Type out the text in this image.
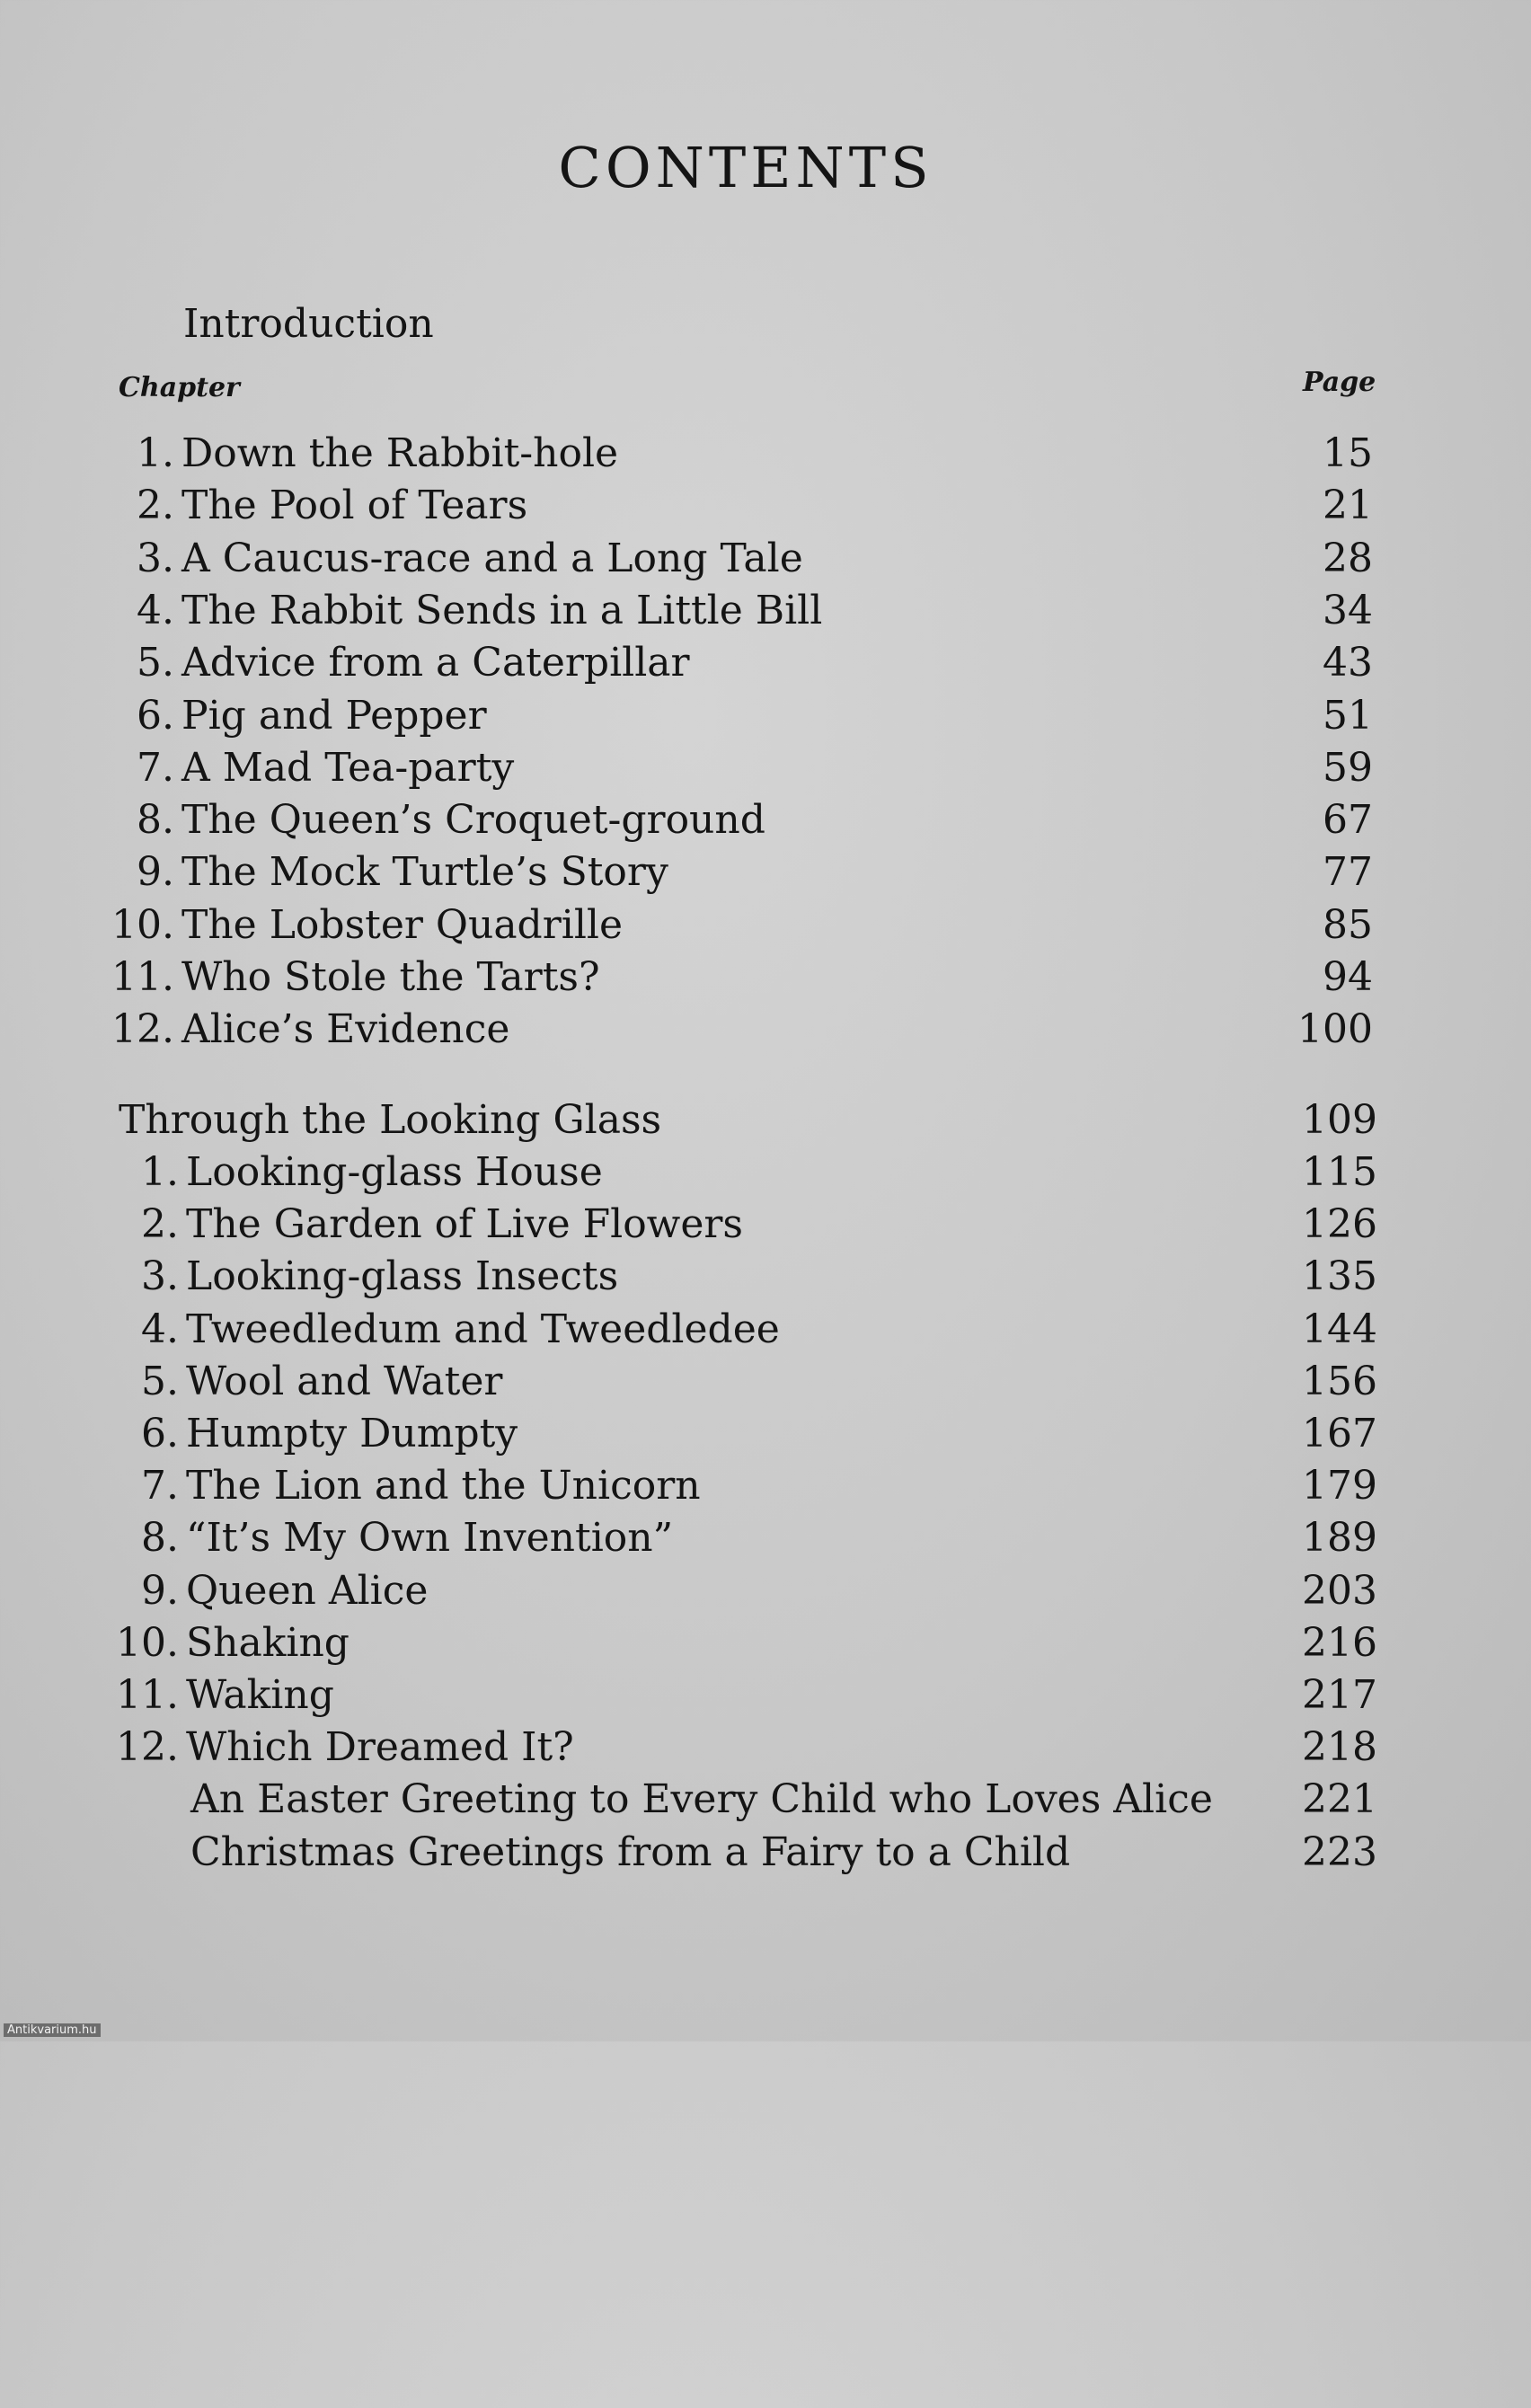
CONTENTS
Introduction
Chapter	Page
1. Down the Rabbit-hole	15
2. The Pool of Tears	21
3. A Caucus-race and a Long Tale	28
4. The Rabbit Sends in a Little Bill	34
5. Advice from a Caterpillar	43
6. Pig and Pepper	51
7. A Mad Tea-party	59
8. The Queen’s Croquet-ground	67
9. The Mock Turtle’s Story	77
10. The Lobster Quadrille	85
11. Who Stole the Tarts?	94
12. Alice’s Evidence	100
Through the Looking Glass	109
1. Looking-glass House	115
2. The Garden of Live Flowers	126
3. Looking-glass Insects	135
4. Tweedledum and Tweedledee	144
5. Wool and Water	156
6. Humpty Dumpty	167
7. The Lion and the Unicorn	179
8. “It’s My Own Invention”	189
9. Queen Alice	203
10. Shaking	216
11. Waking	217
12. Which Dreamed It?	218
An Easter Greeting to Every Child who Loves Alice	221
Christmas Greetings from a Fairy to a Child	223
Antikvarium.hu
